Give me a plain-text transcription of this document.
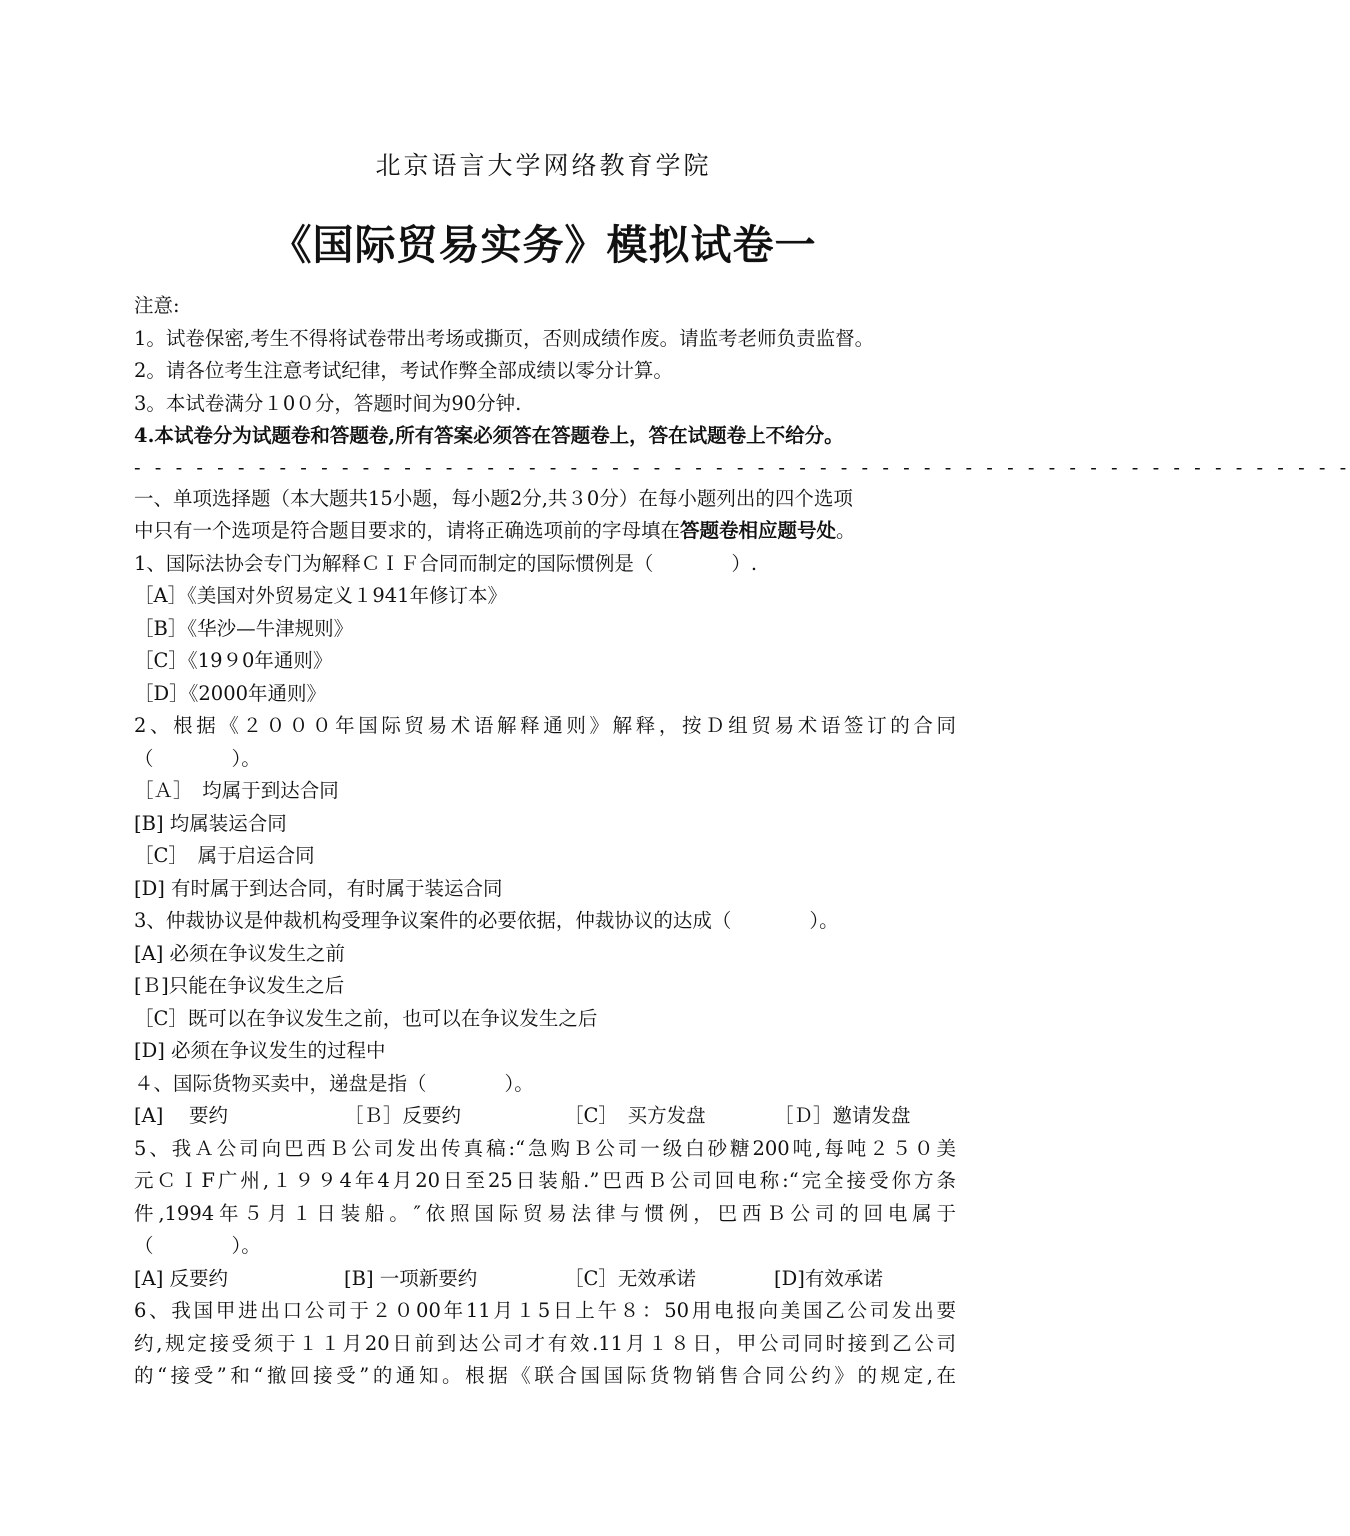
北京语言大学网络教育学院
《国际贸易实务》模拟试卷一
注意:
1。试卷保密,考生不得将试卷带出考场或撕页，否则成绩作废。请监考老师负责监督。
2。请各位考生注意考试纪律，考试作弊全部成绩以零分计算。
3。本试卷满分１0０分，答题时间为90分钟.
4.本试卷分为试题卷和答题卷,所有答案必须答在答题卷上，答在试题卷上不给分。
- - - - - - - - - - - - - - - - - - - - - - - - - - - - - - - - - - - - - - - - - - - - - - - - - - - - - - - - - - -
一、单项选择题（本大题共15小题，每小题2分,共３0分）在每小题列出的四个选项
中只有一个选项是符合题目要求的，请将正确选项前的字母填在答题卷相应题号处。
1、国际法协会专门为解释ＣＩＦ合同而制定的国际惯例是（　　　　）.
［A］《美国对外贸易定义１941年修订本》
［B］《华沙—牛津规则》
［C］《19９0年通则》
［D］《2000年通则》
2、根据《２０００年国际贸易术语解释通则》解释，按Ｄ组贸易术语签订的合同
（　　　　）。
［Ａ］　均属于到达合同
[B] 均属装运合同
［C］　属于启运合同
[D] 有时属于到达合同，有时属于装运合同
3、仲裁协议是仲裁机构受理争议案件的必要依据，仲裁协议的达成（　　　　）。
[A] 必须在争议发生之前
[Ｂ]只能在争议发生之后
［C］既可以在争议发生之前，也可以在争议发生之后
[D] 必须在争议发生的过程中
４、国际货物买卖中，递盘是指（　　　　）。
[A]　 要约	［Ｂ］反要约	［C］　买方发盘	［Ｄ］邀请发盘
5、我Ａ公司向巴西Ｂ公司发出传真稿:“急购Ｂ公司一级白砂糖200吨,每吨２５０美
元ＣＩF广州,１９９4年4月20日至25日装船.”巴西Ｂ公司回电称:“完全接受你方条
件,1994年５月１日装船。″依照国际贸易法律与惯例，巴西Ｂ公司的回电属于
（　　　　）。
[A] 反要约	[B] 一项新要约	［C］无效承诺	[D]有效承诺
6、我国甲进出口公司于２０00年11月１5日上午８：50用电报向美国乙公司发出要
约,规定接受须于１１月20日前到达公司才有效.11月１８日，甲公司同时接到乙公司
的“接受”和“撤回接受”的通知。根据《联合国国际货物销售合同公约》的规定,在
